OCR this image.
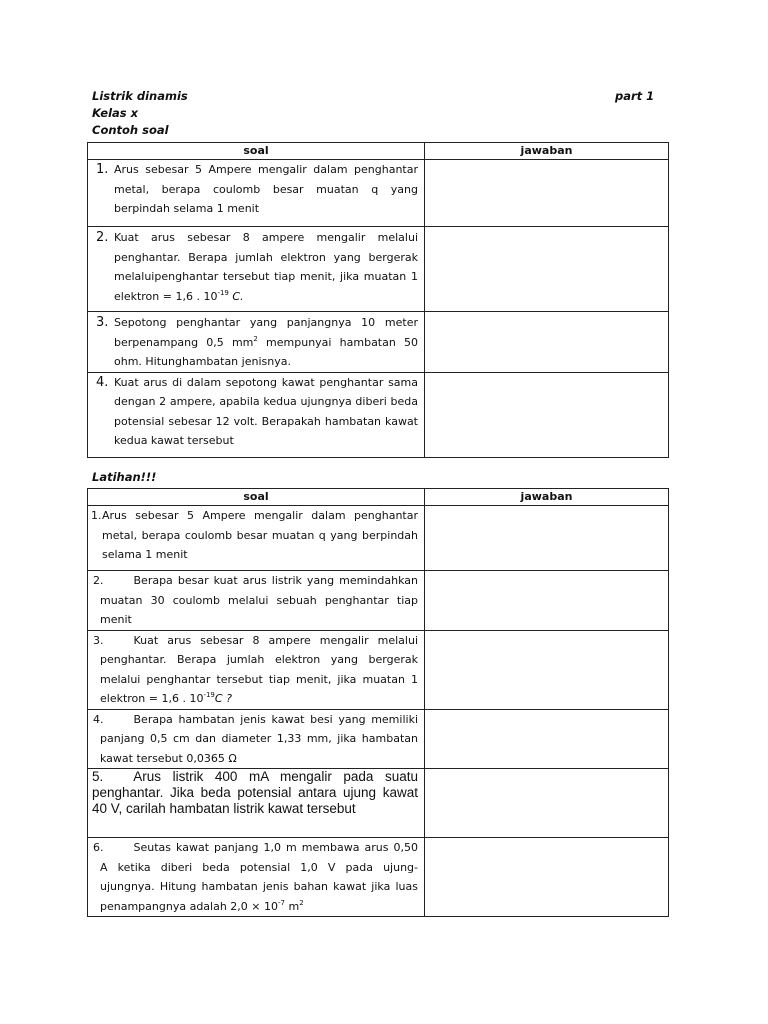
Listrik dinamis
Kelas x
Contoh soal
part 1
soal	jawaban

1. Arus sebesar 5 Ampere mengalir dalam penghantar metal, berapa coulomb besar muatan q yang berpindah selama 1 menit	

2. Kuat arus sebesar 8 ampere mengalir melalui penghantar. Berapa jumlah elektron yang bergerak melaluipenghantar tersebut tiap menit, jika muatan 1 elektron = 1,6 . $10^{-19}$ C.	

3. Sepotong penghantar yang panjangnya 10 meter berpenampang 0,5 $mm^2$ mempunyai hambatan 50 ohm. Hitunghambatan jenisnya.	

4. Kuat arus di dalam sepotong kawat penghantar sama dengan 2 ampere, apabila kedua ujungnya diberi beda potensial sebesar 12 volt. Berapakah hambatan kawat kedua kawat tersebut	

Latihan!!!
soal	jawaban

1. Arus sebesar 5 Ampere mengalir dalam penghantar metal, berapa coulomb besar muatan q yang berpindah selama 1 menit	

2. Berapa besar kuat arus listrik yang memindahkan muatan 30 coulomb melalui sebuah penghantar tiap menit	

3. Kuat arus sebesar 8 ampere mengalir melalui penghantar. Berapa jumlah elektron yang bergerak melalui penghantar tersebut tiap menit, jika muatan 1 elektron = 1,6 . $10^{-19}C$ ?	

4. Berapa hambatan jenis kawat besi yang memiliki panjang 0,5 cm dan diameter 1,33 mm, jika hambatan kawat tersebut 0,0365 Ω	

5. Arus listrik 400 mA mengalir pada suatu penghantar. Jika beda potensial antara ujung kawat 40 V, carilah hambatan listrik kawat tersebut	

6. Seutas kawat panjang 1,0 m membawa arus 0,50 A ketika diberi beda potensial 1,0 V pada ujung-ujungnya. Hitung hambatan jenis bahan kawat jika luas penampangnya adalah $2,0 \times 10^{-7}$ $m^2$
